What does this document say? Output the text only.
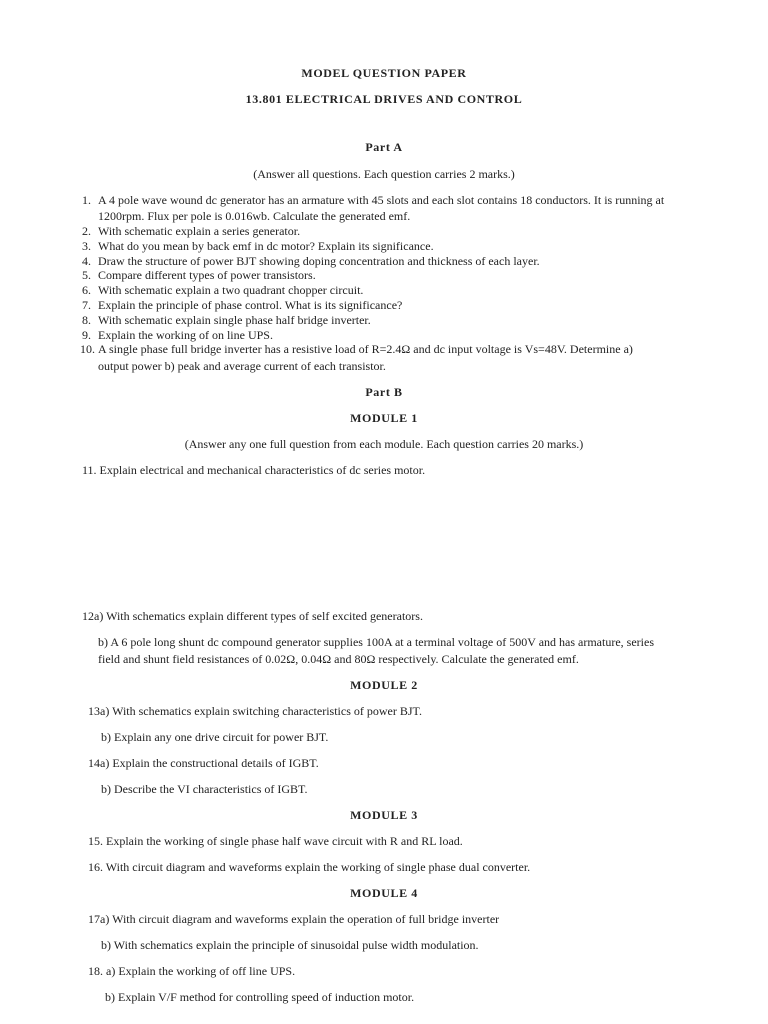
MODEL QUESTION PAPER
13.801 ELECTRICAL DRIVES AND CONTROL
Part A
(Answer all questions. Each question carries 2 marks.)
1. A 4 pole wave wound dc generator has an armature with 45 slots and each slot contains 18 conductors. It is running at
1200rpm. Flux per pole is 0.016wb. Calculate the generated emf.
2. With schematic explain a series generator.
3. What do you mean by back emf in dc motor? Explain its significance.
4. Draw the structure of power BJT showing doping concentration and thickness of each layer.
5. Compare different types of power transistors.
6. With schematic explain a two quadrant chopper circuit.
7. Explain the principle of phase control. What is its significance?
8. With schematic explain single phase half bridge inverter.
9. Explain the working of on line UPS.
10. A single phase full bridge inverter has a resistive load of R=2.4Ω and dc input voltage is Vs=48V. Determine a)
output power b) peak and average current of each transistor.
Part B
MODULE 1
(Answer any one full question from each module. Each question carries 20 marks.)
11. Explain electrical and mechanical characteristics of dc series motor.
12a) With schematics explain different types of self excited generators.
b) A 6 pole long shunt dc compound generator supplies 100A at a terminal voltage of 500V and has armature, series
field and shunt field resistances of 0.02Ω, 0.04Ω and 80Ω respectively. Calculate the generated emf.
MODULE 2
13a) With schematics explain switching characteristics of power BJT.
b) Explain any one drive circuit for power BJT.
14a) Explain the constructional details of IGBT.
b) Describe the VI characteristics of IGBT.
MODULE 3
15. Explain the working of single phase half wave circuit with R and RL load.
16. With circuit diagram and waveforms explain the working of single phase dual converter.
MODULE 4
17a) With circuit diagram and waveforms explain the operation of full bridge inverter
b) With schematics explain the principle of sinusoidal pulse width modulation.
18. a) Explain the working of off line UPS.
b) Explain V/F method for controlling speed of induction motor.
